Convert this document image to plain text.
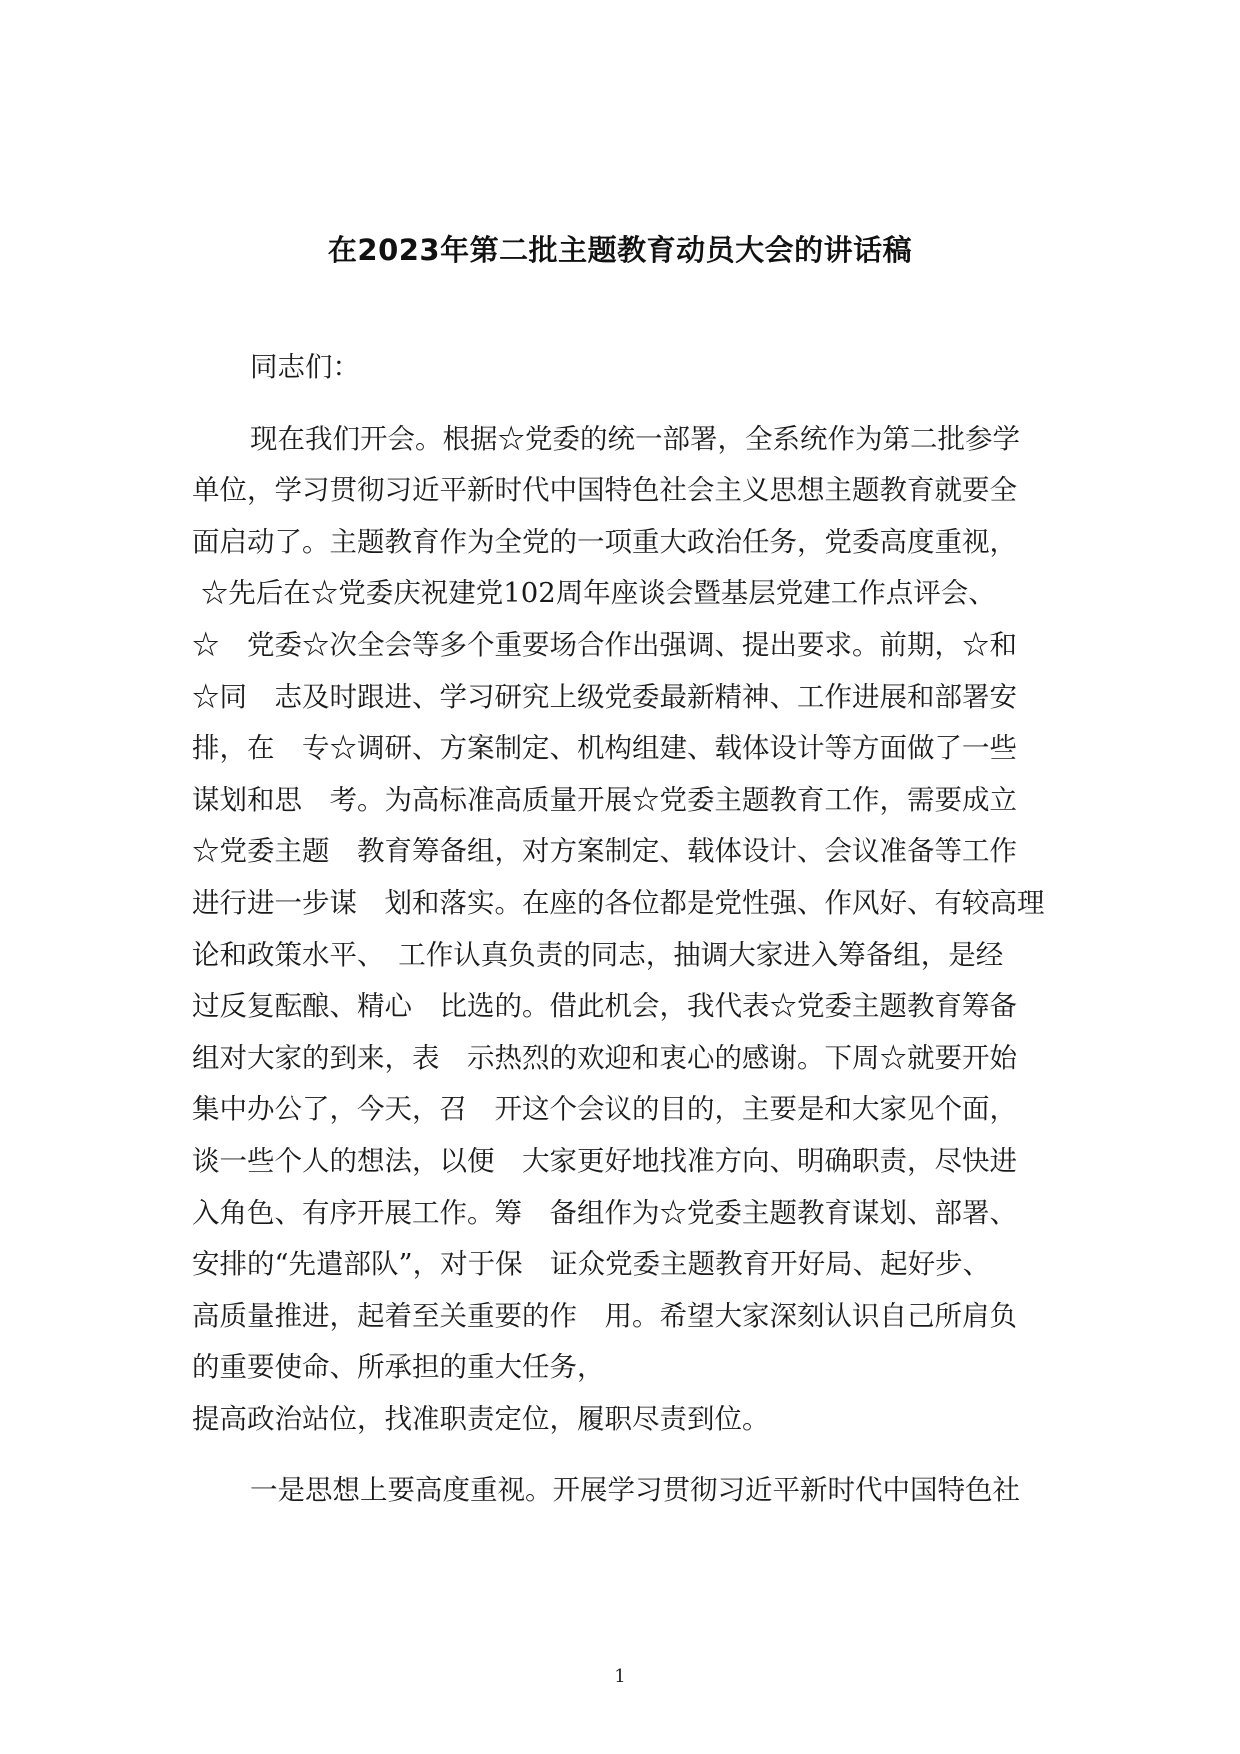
在2023年第二批主题教育动员大会的讲话稿
同志们：
现在我们开会。根据☆党委的统一部署，全系统作为第二批参学
单位，学习贯彻习近平新时代中国特色社会主义思想主题教育就要全
面启动了。主题教育作为全党的一项重大政治任务，党委高度重视，
☆先后在☆党委庆祝建党102周年座谈会暨基层党建工作点评会、
☆　党委☆次全会等多个重要场合作出强调、提出要求。前期，☆和
☆同　志及时跟进、学习研究上级党委最新精神、工作进展和部署安
排，在　专☆调研、方案制定、机构组建、载体设计等方面做了一些
谋划和思　考。为高标准高质量开展☆党委主题教育工作，需要成立
☆党委主题　教育筹备组，对方案制定、载体设计、会议准备等工作
进行进一步谋　划和落实。在座的各位都是党性强、作风好、有较高理
论和政策水平、　工作认真负责的同志，抽调大家进入筹备组，是经
过反复酝酿、精心　比选的。借此机会，我代表☆党委主题教育筹备
组对大家的到来，表　示热烈的欢迎和衷心的感谢。下周☆就要开始
集中办公了，今天，召　开这个会议的目的，主要是和大家见个面，
谈一些个人的想法，以便　大家更好地找准方向、明确职责，尽快进
入角色、有序开展工作。筹　备组作为☆党委主题教育谋划、部署、
安排的“先遣部队”，对于保　证众党委主题教育开好局、起好步、
高质量推进，起着至关重要的作　用。希望大家深刻认识自己所肩负
的重要使命、所承担的重大任务，
提高政治站位，找准职责定位，履职尽责到位。
一是思想上要高度重视。开展学习贯彻习近平新时代中国特色社
1
